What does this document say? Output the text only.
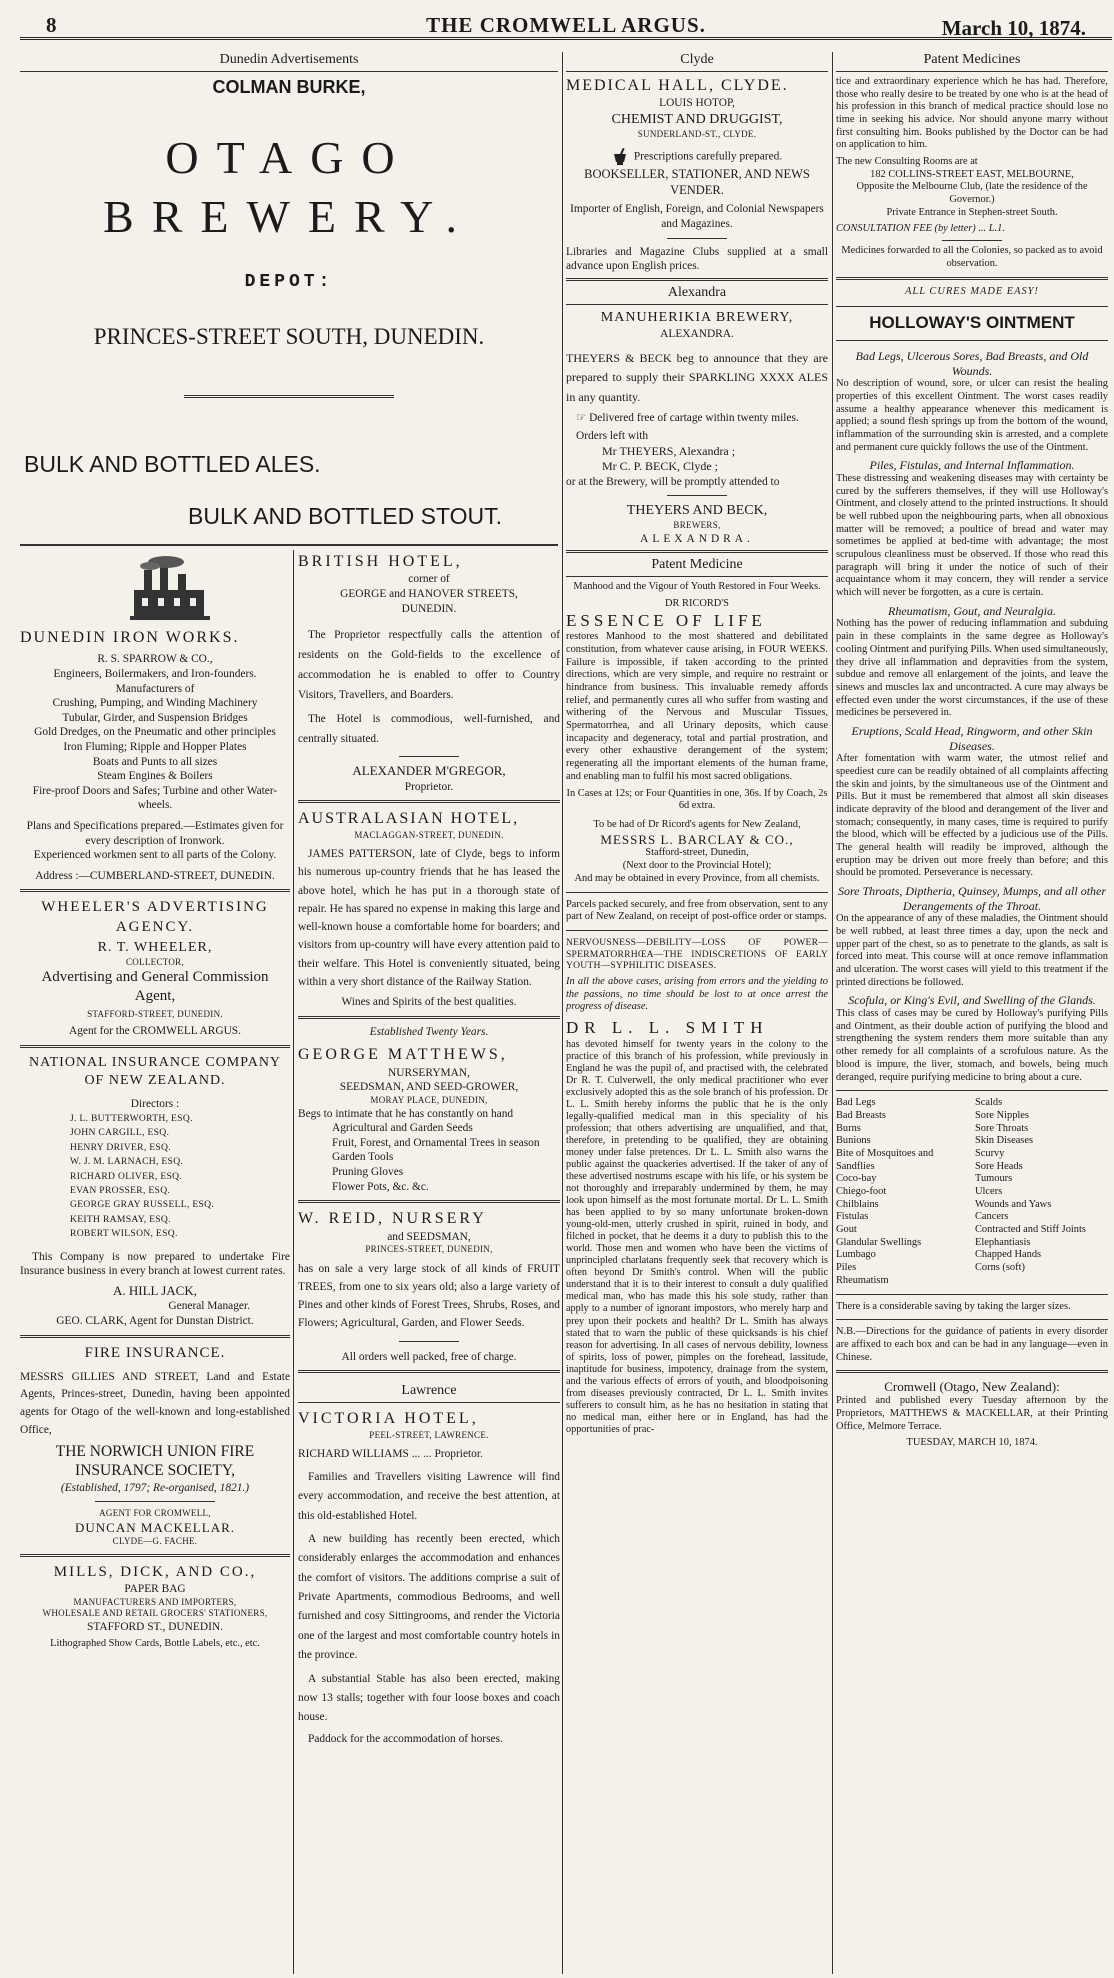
8	THE CROMWELL ARGUS.	March 10, 1874.
Dunedin Advertisements
COLMAN BURKE,
OTAGO BREWERY.
DEPOT:
PRINCES-STREET SOUTH, DUNEDIN.
BULK AND BOTTLED ALES.
BULK AND BOTTLED STOUT.
DUNEDIN IRON WORKS.
R. S. SPARROW & CO.,
Engineers, Boilermakers, and Iron-founders.
Manufacturers of
Crushing, Pumping, and Winding Machinery
Tubular, Girder, and Suspension Bridges
Gold Dredges, on the Pneumatic and other principles
Iron Fluming; Ripple and Hopper Plates
Boats and Punts to all sizes
Steam Engines & Boilers
Fire-proof Doors and Safes; Turbine and other Water-wheels.
Plans and Specifications prepared.—Estimates given for every description of Ironwork.
Experienced workmen sent to all parts of the Colony.
Address :—CUMBERLAND-STREET, DUNEDIN.
WHEELER'S ADVERTISING AGENCY.
R. T. WHEELER,
COLLECTOR,
Advertising and General Commission Agent,
STAFFORD-STREET, DUNEDIN.
Agent for the CROMWELL ARGUS.
NATIONAL INSURANCE COMPANY OF NEW ZEALAND.
Directors :
J. L. BUTTERWORTH, ESQ.
JOHN CARGILL, ESQ.
HENRY DRIVER, ESQ.
W. J. M. LARNACH, ESQ.
RICHARD OLIVER, ESQ.
EVAN PROSSER, ESQ.
GEORGE GRAY RUSSELL, ESQ.
KEITH RAMSAY, ESQ.
ROBERT WILSON, ESQ.

This Company is now prepared to undertake Fire Insurance business in every branch at lowest current rates.

A. HILL JACK,
General Manager.
GEO. CLARK, Agent for Dunstan District.
FIRE INSURANCE.

MESSRS GILLIES AND STREET, Land and Estate Agents, Princes-street, Dunedin, having been appointed agents for Otago of the well-known and long-established Office,

THE NORWICH UNION FIRE INSURANCE SOCIETY,
(Established, 1797; Re-organised, 1821.)
AGENT FOR CROMWELL,
DUNCAN MACKELLAR.
CLYDE—G. FACHE.
MILLS, DICK, AND CO.,
PAPER BAG
MANUFACTURERS AND IMPORTERS,
WHOLESALE AND RETAIL GROCERS' STATIONERS,
STAFFORD ST., DUNEDIN.
Lithographed Show Cards, Bottle Labels, etc., etc.
BRITISH HOTEL,
corner of
GEORGE and HANOVER STREETS,
DUNEDIN.

The Proprietor respectfully calls the attention of residents on the Gold-fields to the excellence of accommodation he is enabled to offer to Country Visitors, Travellers, and Boarders.

The Hotel is commodious, well-furnished, and centrally situated.

ALEXANDER M'GREGOR,
Proprietor.
AUSTRALASIAN HOTEL,
MACLAGGAN-STREET, DUNEDIN.

JAMES PATTERSON, late of Clyde, begs to inform his numerous up-country friends that he has leased the above hotel, which he has put in a thorough state of repair. He has spared no expense in making this large and well-known house a comfortable home for boarders; and visitors from up-country will have every attention paid to their welfare. This Hotel is conveniently situated, being within a very short distance of the Railway Station.

Wines and Spirits of the best qualities.
Established Twenty Years.
GEORGE MATTHEWS,
NURSERYMAN,
SEEDSMAN, AND SEED-GROWER,
MORAY PLACE, DUNEDIN,
Begs to intimate that he has constantly on hand
Agricultural and Garden Seeds
Fruit, Forest, and Ornamental Trees in season
Garden Tools
Pruning Gloves
Flower Pots, &c. &c.
W. REID, NURSERY
and SEEDSMAN,
PRINCES-STREET, DUNEDIN,

has on sale a very large stock of all kinds of FRUIT TREES, from one to six years old; also a large variety of Pines and other kinds of Forest Trees, Shrubs, Roses, and Flowers; Agricultural, Garden, and Flower Seeds.

All orders well packed, free of charge.
Lawrence
VICTORIA HOTEL,
PEEL-STREET, LAWRENCE.
RICHARD WILLIAMS ... ... Proprietor.

Families and Travellers visiting Lawrence will find every accommodation, and receive the best attention, at this old-established Hotel.

A new building has recently been erected, which considerably enlarges the accommodation and enhances the comfort of visitors. The additions comprise a suit of Private Apartments, commodious Bedrooms, and well furnished and cosy Sittingrooms, and render the Victoria one of the largest and most comfortable country hotels in the province.

A substantial Stable has also been erected, making now 13 stalls; together with four loose boxes and coach house.

Paddock for the accommodation of horses.

Clyde
MEDICAL HALL, CLYDE.
LOUIS HOTOP,
CHEMIST AND DRUGGIST,
SUNDERLAND-ST., CLYDE.
Prescriptions carefully prepared.
BOOKSELLER, STATIONER, AND NEWS VENDER.
Importer of English, Foreign, and Colonial Newspapers and Magazines.

Libraries and Magazine Clubs supplied at a small advance upon English prices.

Alexandra
MANUHERIKIA BREWERY,
ALEXANDRA.

THEYERS & BECK beg to announce that they are prepared to supply their SPARKLING XXXX ALES in any quantity.

☞ Delivered free of cartage within twenty miles.
Orders left with
Mr THEYERS, Alexandra ;
Mr C. P. BECK, Clyde ;
or at the Brewery, will be promptly attended to
THEYERS AND BECK,
BREWERS,
ALEXANDRA.
Patent Medicine
Manhood and the Vigour of Youth Restored in Four Weeks.
DR RICORD'S
ESSENCE OF LIFE

restores Manhood to the most shattered and debilitated constitution, from whatever cause arising, in FOUR WEEKS. Failure is impossible, if taken according to the printed directions, which are very simple, and require no restraint or hindrance from business. This invaluable remedy affords relief, and permanently cures all who suffer from wasting and withering of the Nervous and Muscular Tissues, Spermatorrhea, and all Urinary deposits, which cause incapacity and degeneracy, total and partial prostration, and every other exhaustive derangement of the system; regenerating all the important elements of the human frame, and enabling man to fulfil his most sacred obligations.

In Cases at 12s; or Four Quantities in one, 36s. If by Coach, 2s 6d extra.
To be had of Dr Ricord's agents for New Zealand,
MESSRS L. BARCLAY & CO.,
Stafford-street, Dunedin,
(Next door to the Provincial Hotel);
And may be obtained in every Province, from all chemists.

Parcels packed securely, and free from observation, sent to any part of New Zealand, on receipt of post-office order or stamps.

NERVOUSNESS—DEBILITY—LOSS OF POWER—SPERMATORRHŒA—THE INDISCRETIONS OF EARLY YOUTH—SYPHILITIC DISEASES.

In all the above cases, arising from errors and the yielding to the passions, no time should be lost to at once arrest the progress of disease.

DR L. L. SMITH

has devoted himself for twenty years in the colony to the practice of this branch of his profession, while previously in England he was the pupil of, and practised with, the celebrated Dr R. T. Culverwell, the only medical practitioner who ever exclusively adopted this as the sole branch of his profession. Dr L. L. Smith hereby informs the public that he is the only legally-qualified medical man in this speciality of his profession; that others advertising are unqualified, and that, therefore, in pretending to be qualified, they are obtaining money under false pretences. Dr L. L. Smith also warns the public against the quackeries advertised. If the taker of any of these advertised nostrums escape with his life, or his system be not thoroughly and irreparably undermined by them, he may look upon himself as the most fortunate mortal. Dr L. L. Smith has been applied to by so many unfortunate broken-down young-old-men, utterly crushed in spirit, ruined in body, and filched in pocket, that he deems it a duty to publish this to the world. Those men and women who have been the victims of unprincipled charlatans frequently seek that recovery which is often beyond Dr Smith's control. When will the public understand that it is to their interest to consult a duly qualified medical man, who has made this his sole study, rather than apply to a number of ignorant impostors, who merely harp and prey upon their pockets and health? Dr L. Smith has always stated that to warn the public of these quicksands is his chief reason for advertising. In all cases of nervous debility, lowness of spirits, loss of power, pimples on the forehead, lassitude, inaptitude for business, impotency, drainage from the system, and the various effects of errors of youth, and bloodpoisoning from diseases previously contracted, Dr L. L. Smith invites sufferers to consult him, as he has no hesitation in stating that no medical man, either here or in England, has had the opportunities of prac-

Patent Medicines

tice and extraordinary experience which he has had. Therefore, those who really desire to be treated by one who is at the head of his profession in this branch of medical practice should lose no time in seeking his advice. Nor should anyone marry without first consulting him. Books published by the Doctor can be had on application to him.

The new Consulting Rooms are at
182 COLLINS-STREET EAST, MELBOURNE,
Opposite the Melbourne Club, (late the residence of the Governor.)
Private Entrance in Stephen-street South.
CONSULTATION FEE (by letter) ... L.1.

Medicines forwarded to all the Colonies, so packed as to avoid observation.

ALL CURES MADE EASY!
HOLLOWAY'S OINTMENT
Bad Legs, Ulcerous Sores, Bad Breasts, and Old Wounds.

No description of wound, sore, or ulcer can resist the healing properties of this excellent Ointment. The worst cases readily assume a healthy appearance whenever this medicament is applied; a sound flesh springs up from the bottom of the wound, inflammation of the surrounding skin is arrested, and a complete and permanent cure quickly follows the use of the Ointment.

Piles, Fistulas, and Internal Inflammation.

These distressing and weakening diseases may with certainty be cured by the sufferers themselves, if they will use Holloway's Ointment, and closely attend to the printed instructions. It should be well rubbed upon the neighbouring parts, when all obnoxious matter will be removed; a poultice of bread and water may sometimes be applied at bed-time with advantage; the most scrupulous cleanliness must be observed. If those who read this paragraph will bring it under the notice of such of their acquaintance whom it may concern, they will render a service which will never be forgotten, as a cure is certain.

Rheumatism, Gout, and Neuralgia.

Nothing has the power of reducing inflammation and subduing pain in these complaints in the same degree as Holloway's cooling Ointment and purifying Pills. When used simultaneously, they drive all inflammation and depravities from the system, subdue and remove all enlargement of the joints, and leave the sinews and muscles lax and uncontracted. A cure may always be effected even under the worst circumstances, if the use of these medicines be persevered in.

Eruptions, Scald Head, Ringworm, and other Skin Diseases.

After fomentation with warm water, the utmost relief and speediest cure can be readily obtained of all complaints affecting the skin and joints, by the simultaneous use of the Ointment and Pills. But it must be remembered that almost all skin diseases indicate depravity of the blood and derangement of the liver and stomach; consequently, in many cases, time is required to purify the blood, which will be effected by a judicious use of the Pills. The general health will readily be improved, although the eruption may be driven out more freely than before; and this should be promoted. Perseverance is necessary.

Sore Throats, Diptheria, Quinsey, Mumps, and all other Derangements of the Throat.

On the appearance of any of these maladies, the Ointment should be well rubbed, at least three times a day, upon the neck and upper part of the chest, so as to penetrate to the glands, as salt is forced into meat. This course will at once remove inflammation and ulceration. The worst cases will yield to this treatment if the printed directions be followed.

Scofula, or King's Evil, and Swelling of the Glands.

This class of cases may be cured by Holloway's purifying Pills and Ointment, as their double action of purifying the blood and strengthening the system renders them more suitable than any other remedy for all complaints of a scrofulous nature. As the blood is impure, the liver, stomach, and bowels, being much deranged, require purifying medicine to bring about a cure.

Bad Legs
Bad Breasts
Burns
Bunions
Bite of Mosquitoes and Sandflies
Coco-bay
Chiego-foot
Chilblains
Fistulas
Gout
Glandular Swellings
Lumbago
Piles
Rheumatism
Scalds
Sore Nipples
Sore Throats
Skin Diseases
Scurvy
Sore Heads
Tumours
Ulcers
Wounds and Yaws
Cancers
Contracted and Stiff Joints
Elephantiasis
Chapped Hands
Corns (soft)

There is a considerable saving by taking the larger sizes.

N.B.—Directions for the guidance of patients in every disorder are affixed to each box and can be had in any language—even in Chinese.

Cromwell (Otago, New Zealand):

Printed and published every Tuesday afternoon by the Proprietors, MATTHEWS & MACKELLAR, at their Printing Office, Melmore Terrace.

TUESDAY, MARCH 10, 1874.
